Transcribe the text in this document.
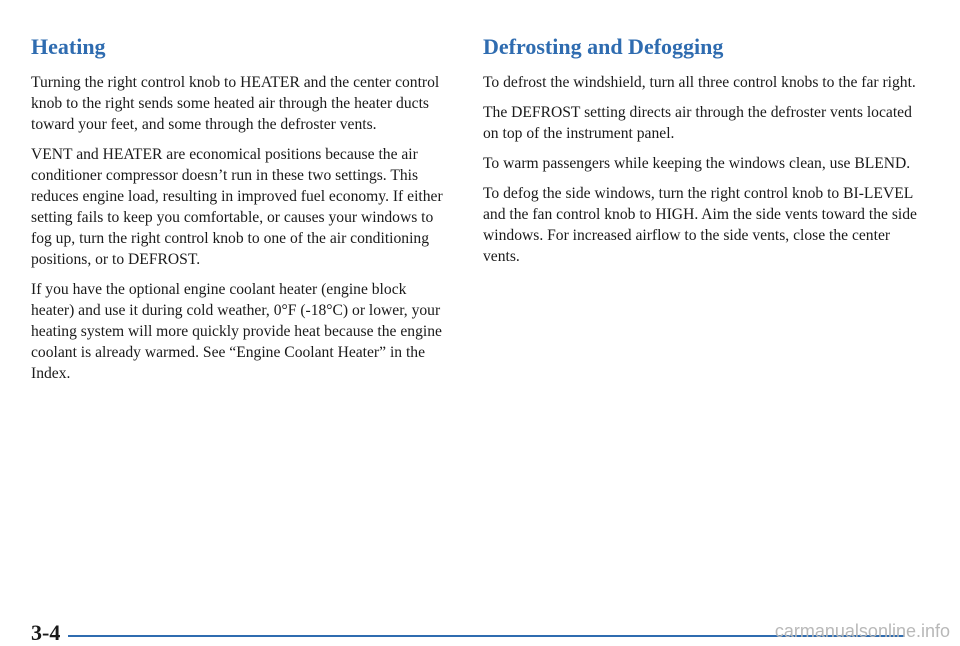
Heating

Turning the right control knob to HEATER and the center control knob to the right sends some heated air through the heater ducts toward your feet, and some through the defroster vents.

VENT and HEATER are economical positions because the air conditioner compressor doesn’t run in these two settings. This reduces engine load, resulting in improved fuel economy. If either setting fails to keep you comfortable, or causes your windows to fog up, turn the right control knob to one of the air conditioning positions, or to DEFROST.

If you have the optional engine coolant heater (engine block heater) and use it during cold weather, 0°F (-18°C) or lower, your heating system will more quickly provide heat because the engine coolant is already warmed. See “Engine Coolant Heater” in the Index.

Defrosting and Defogging

To defrost the windshield, turn all three control knobs to the far right.

The DEFROST setting directs air through the defroster vents located on top of the instrument panel.

To warm passengers while keeping the windows clean, use BLEND.

To defog the side windows, turn the right control knob to BI-LEVEL and the fan control knob to HIGH. Aim the side vents toward the side windows. For increased airflow to the side vents, close the center vents.

3-4	carmanualsonline.info
